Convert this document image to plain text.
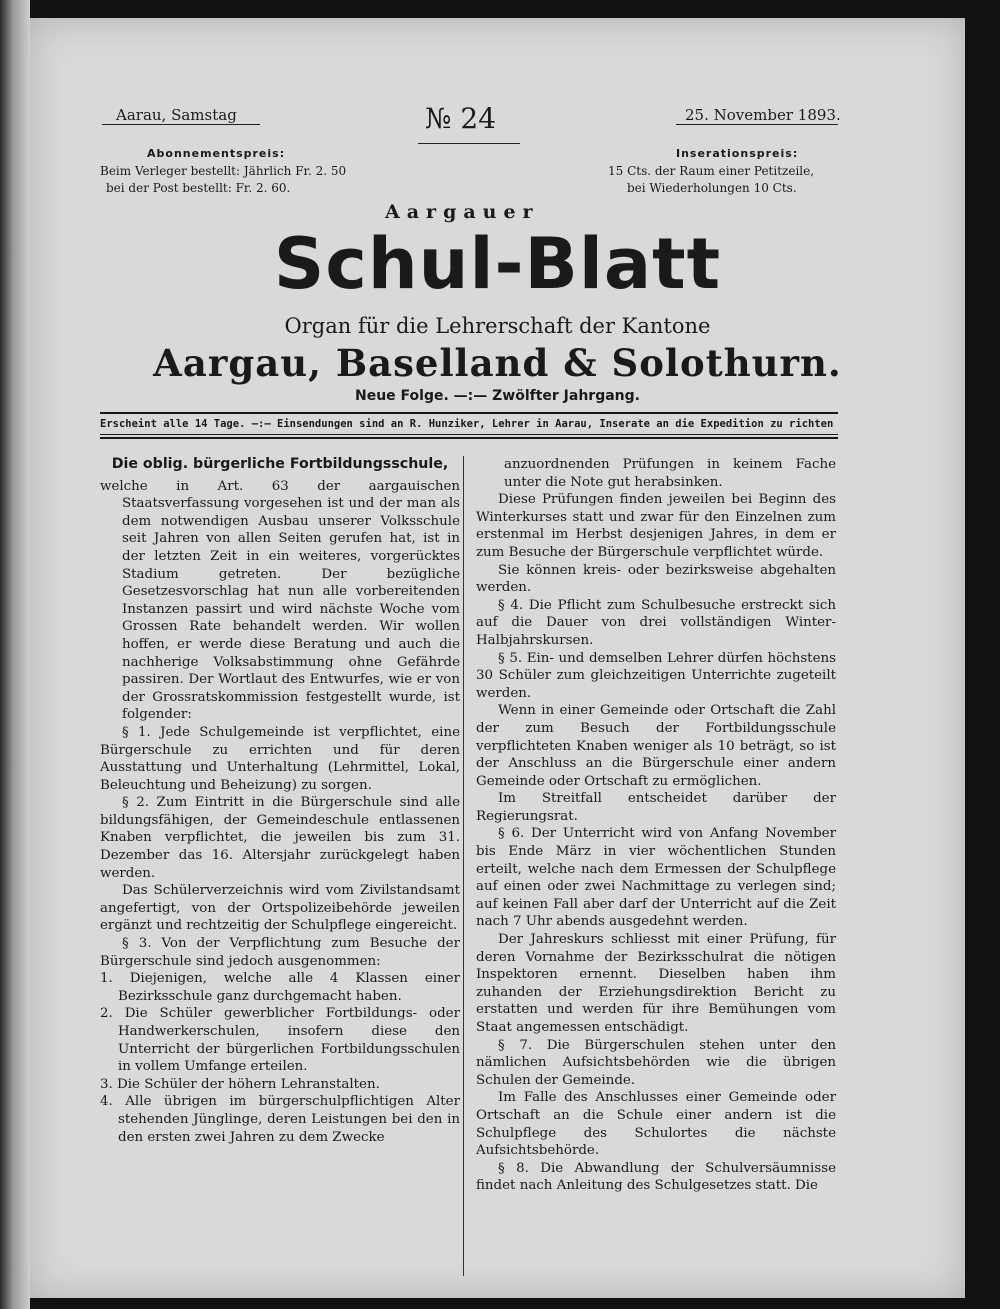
Aarau, Samstag	№ 24	25. November 1893.
Abonnementspreis:
Beim Verleger bestellt: Jährlich Fr. 2. 50
bei der Post bestellt: Fr. 2. 60.
Inserationspreis:
15 Cts. der Raum einer Petitzeile,
bei Wiederholungen 10 Cts.
Aargauer
Schul-Blatt
Organ für die Lehrerschaft der Kantone
Aargau, Baselland & Solothurn.
Neue Folge. —:— Zwölfter Jahrgang.
Erscheint alle 14 Tage. —:— Einsendungen sind an R. Hunziker, Lehrer in Aarau, Inserate an die Expedition zu richten

Die oblig. bürgerliche Fortbildungsschule,

welche in Art. 63 der aargauischen Staatsverfassung vorgesehen ist und der man als dem notwendigen Ausbau unserer Volksschule seit Jahren von allen Seiten gerufen hat, ist in der letzten Zeit in ein weiteres, vorgerücktes Stadium getreten. Der bezügliche Gesetzesvorschlag hat nun alle vorbereitenden Instanzen passirt und wird nächste Woche vom Grossen Rate behandelt werden. Wir wollen hoffen, er werde diese Beratung und auch die nachherige Volksabstimmung ohne Gefährde passiren. Der Wortlaut des Entwurfes, wie er von der Grossratskommission festgestellt wurde, ist folgender:

§ 1. Jede Schulgemeinde ist verpflichtet, eine Bürgerschule zu errichten und für deren Ausstattung und Unterhaltung (Lehrmittel, Lokal, Beleuchtung und Beheizung) zu sorgen.

§ 2. Zum Eintritt in die Bürgerschule sind alle bildungsfähigen, der Gemeindeschule entlassenen Knaben verpflichtet, die jeweilen bis zum 31. Dezember das 16. Altersjahr zurückgelegt haben werden.

Das Schülerverzeichnis wird vom Zivilstandsamt angefertigt, von der Ortspolizeibehörde jeweilen ergänzt und rechtzeitig der Schulpflege eingereicht.

§ 3. Von der Verpflichtung zum Besuche der Bürgerschule sind jedoch ausgenommen:

1. Diejenigen, welche alle 4 Klassen einer Bezirksschule ganz durchgemacht haben.

2. Die Schüler gewerblicher Fortbildungs- oder Handwerkerschulen, insofern diese den Unterricht der bürgerlichen Fortbildungsschulen in vollem Umfange erteilen.

3. Die Schüler der höhern Lehranstalten.

4. Alle übrigen im bürgerschulpflichtigen Alter stehenden Jünglinge, deren Leistungen bei den in den ersten zwei Jahren zu dem Zwecke

anzuordnenden Prüfungen in keinem Fache unter die Note gut herabsinken.

Diese Prüfungen finden jeweilen bei Beginn des Winterkurses statt und zwar für den Einzelnen zum erstenmal im Herbst desjenigen Jahres, in dem er zum Besuche der Bürgerschule verpflichtet würde.

Sie können kreis- oder bezirksweise abgehalten werden.

§ 4. Die Pflicht zum Schulbesuche erstreckt sich auf die Dauer von drei vollständigen Winter-Halbjahrskursen.

§ 5. Ein- und demselben Lehrer dürfen höchstens 30 Schüler zum gleichzeitigen Unterrichte zugeteilt werden.

Wenn in einer Gemeinde oder Ortschaft die Zahl der zum Besuch der Fortbildungsschule verpflichteten Knaben weniger als 10 beträgt, so ist der Anschluss an die Bürgerschule einer andern Gemeinde oder Ortschaft zu ermöglichen.

Im Streitfall entscheidet darüber der Regierungsrat.

§ 6. Der Unterricht wird von Anfang November bis Ende März in vier wöchentlichen Stunden erteilt, welche nach dem Ermessen der Schulpflege auf einen oder zwei Nachmittage zu verlegen sind; auf keinen Fall aber darf der Unterricht auf die Zeit nach 7 Uhr abends ausgedehnt werden.

Der Jahreskurs schliesst mit einer Prüfung, für deren Vornahme der Bezirksschulrat die nötigen Inspektoren ernennt. Dieselben haben ihm zuhanden der Erziehungsdirektion Bericht zu erstatten und werden für ihre Bemühungen vom Staat angemessen entschädigt.

§ 7. Die Bürgerschulen stehen unter den nämlichen Aufsichtsbehörden wie die übrigen Schulen der Gemeinde.

Im Falle des Anschlusses einer Gemeinde oder Ortschaft an die Schule einer andern ist die Schulpflege des Schulortes die nächste Aufsichtsbehörde.

§ 8. Die Abwandlung der Schulversäumnisse findet nach Anleitung des Schulgesetzes statt. Die
